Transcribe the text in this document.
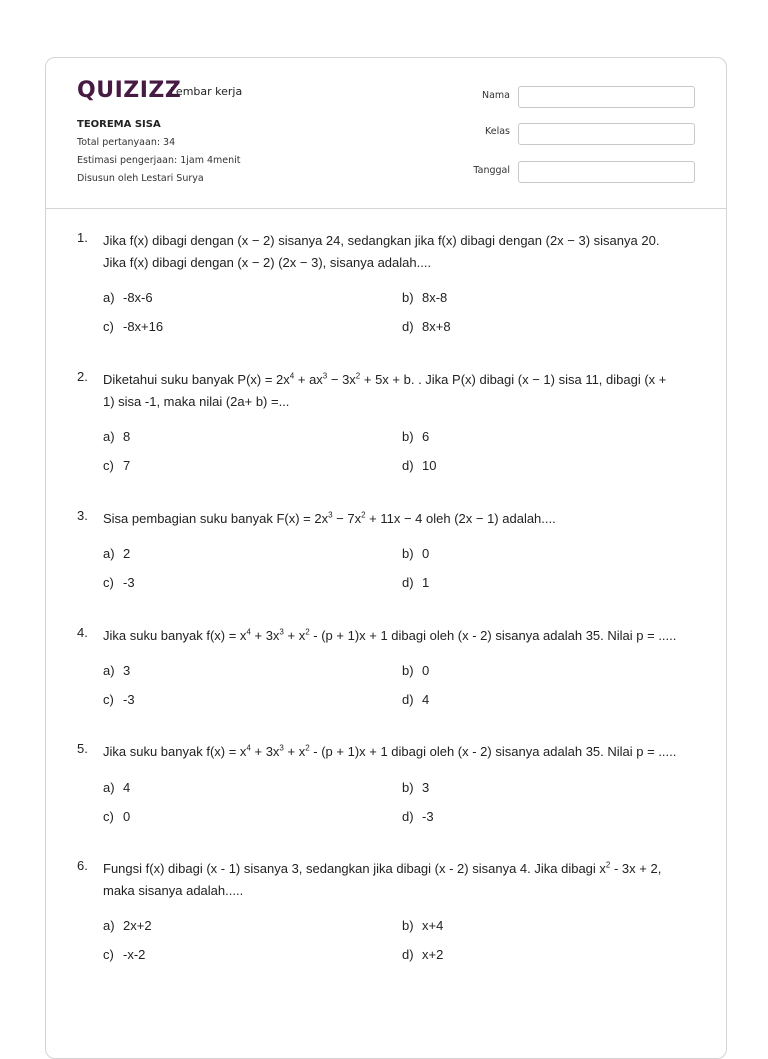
QUIZIZZ
Lembar kerja
TEOREMA SISA
Total pertanyaan: 34
Estimasi pengerjaan: 1jam 4menit
Disusun oleh Lestari Surya
Nama
Kelas
Tanggal
1. Jika f(x) dibagi dengan (x − 2) sisanya 24, sedangkan jika f(x) dibagi dengan (2x − 3) sisanya 20.
Jika f(x) dibagi dengan (x − 2) (2x − 3), sisanya adalah....
a) -8x-6	b) 8x-8
c) -8x+16	d) 8x+8
2. Diketahui suku banyak $P(x) = 2x^4 + ax^3 - 3x^2 + 5x + b$. . Jika P(x) dibagi (x − 1) sisa 11, dibagi (x +
1) sisa -1, maka nilai (2a+ b) =...
a) 8	b) 6
c) 7	d) 10
3. Sisa pembagian suku banyak $F(x) = 2x^3 - 7x^2 + 11x - 4$ oleh (2x − 1) adalah....
a) 2	b) 0
c) -3	d) 1
4. Jika suku banyak $f(x) = x^4 + 3x^3 + x^2 - (p + 1)x + 1$ dibagi oleh (x - 2) sisanya adalah 35. Nilai p = .....
a) 3	b) 0
c) -3	d) 4
5. Jika suku banyak $f(x) = x^4 + 3x^3 + x^2 - (p + 1)x + 1$ dibagi oleh (x - 2) sisanya adalah 35. Nilai p = .....
a) 4	b) 3
c) 0	d) -3
6. Fungsi f(x) dibagi (x - 1) sisanya 3, sedangkan jika dibagi (x - 2) sisanya 4. Jika dibagi $x^2 - 3x + 2$,
maka sisanya adalah.....
a) 2x+2	b) x+4
c) -x-2	d) x+2
